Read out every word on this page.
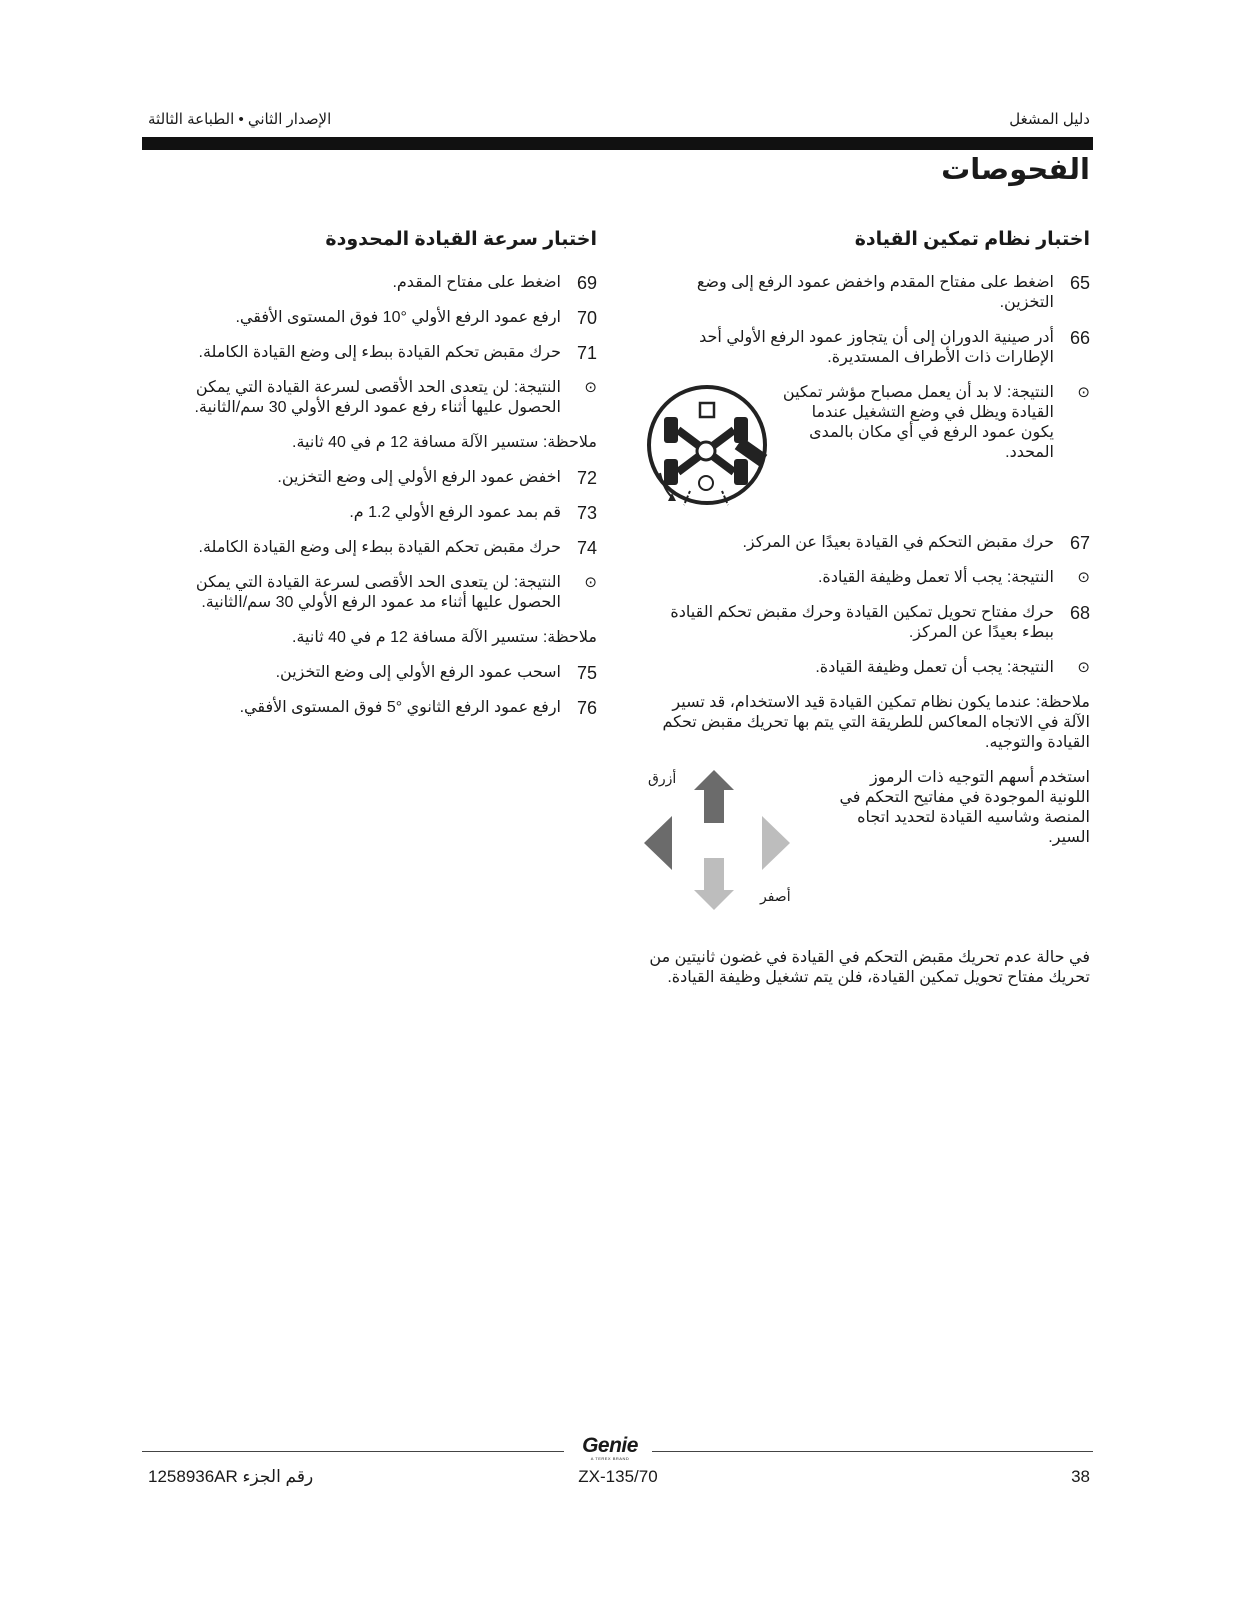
الإصدار الثاني • الطباعة الثالثة	دليل المشغل
الفحوصات
اختبار نظام تمكين القيادة
65
اضغط على مفتاح المقدم واخفض عمود الرفع إلى وضع التخزين.
66
أدر صينية الدوران إلى أن يتجاوز عمود الرفع الأولي أحد الإطارات ذات الأطراف المستديرة.
⊙
النتيجة: لا بد أن يعمل مصباح مؤشر تمكين القيادة ويظل في وضع التشغيل عندما يكون عمود الرفع في أي مكان بالمدى المحدد.
67
حرك مقبض التحكم في القيادة بعيدًا عن المركز.
⊙
النتيجة: يجب ألا تعمل وظيفة القيادة.
68
حرك مفتاح تحويل تمكين القيادة وحرك مقبض تحكم القيادة ببطء بعيدًا عن المركز.
⊙
النتيجة: يجب أن تعمل وظيفة القيادة.
ملاحظة: عندما يكون نظام تمكين القيادة قيد الاستخدام، قد تسير الآلة في الاتجاه المعاكس للطريقة التي يتم بها تحريك مقبض تحكم القيادة والتوجيه.
استخدم أسهم التوجيه ذات الرموز اللونية الموجودة في مفاتيح التحكم في المنصة وشاسيه القيادة لتحديد اتجاه السير.
أزرق
أصفر
في حالة عدم تحريك مقبض التحكم في القيادة في غضون ثانيتين من تحريك مفتاح تحويل تمكين القيادة، فلن يتم تشغيل وظيفة القيادة.
اختبار سرعة القيادة المحدودة
69
اضغط على مفتاح المقدم.
70
ارفع عمود الرفع الأولي °10 فوق المستوى الأفقي.
71
حرك مقبض تحكم القيادة ببطء إلى وضع القيادة الكاملة.
⊙
النتيجة: لن يتعدى الحد الأقصى لسرعة القيادة التي يمكن الحصول عليها أثناء رفع عمود الرفع الأولي 30 سم/الثانية.
ملاحظة: ستسير الآلة مسافة 12 م في 40 ثانية.
72
اخفض عمود الرفع الأولي إلى وضع التخزين.
73
قم بمد عمود الرفع الأولي 1.2 م.
74
حرك مقبض تحكم القيادة ببطء إلى وضع القيادة الكاملة.
⊙
النتيجة: لن يتعدى الحد الأقصى لسرعة القيادة التي يمكن الحصول عليها أثناء مد عمود الرفع الأولي 30 سم/الثانية.
ملاحظة: ستسير الآلة مسافة 12 م في 40 ثانية.
75
اسحب عمود الرفع الأولي إلى وضع التخزين.
76
ارفع عمود الرفع الثانوي °5 فوق المستوى الأفقي.
Genie
A TEREX BRAND
رقم الجزء 1258936AR	ZX-135/70	38
